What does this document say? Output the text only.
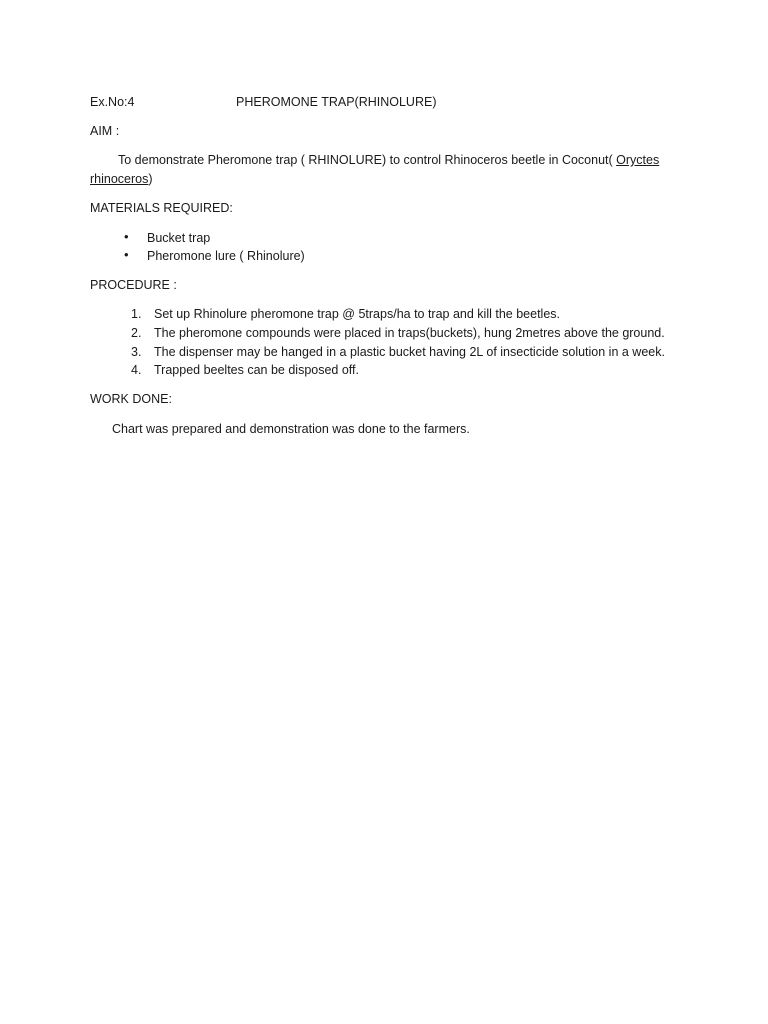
Ex.No:4	PHEROMONE TRAP(RHINOLURE)
AIM :
To demonstrate Pheromone trap ( RHINOLURE) to control Rhinoceros beetle in Coconut( Oryctes
rhinoceros)
MATERIALS REQUIRED:
• Bucket trap
• Pheromone lure ( Rhinolure)
PROCEDURE :
1. Set up Rhinolure pheromone trap @ 5traps/ha to trap and kill the beetles.
2. The pheromone compounds were placed in traps(buckets), hung 2metres above the ground.
3. The dispenser may be hanged in a plastic bucket having 2L of insecticide solution in a week.
4. Trapped beeltes can be disposed off.
WORK DONE:
Chart was prepared and demonstration was done to the farmers.
